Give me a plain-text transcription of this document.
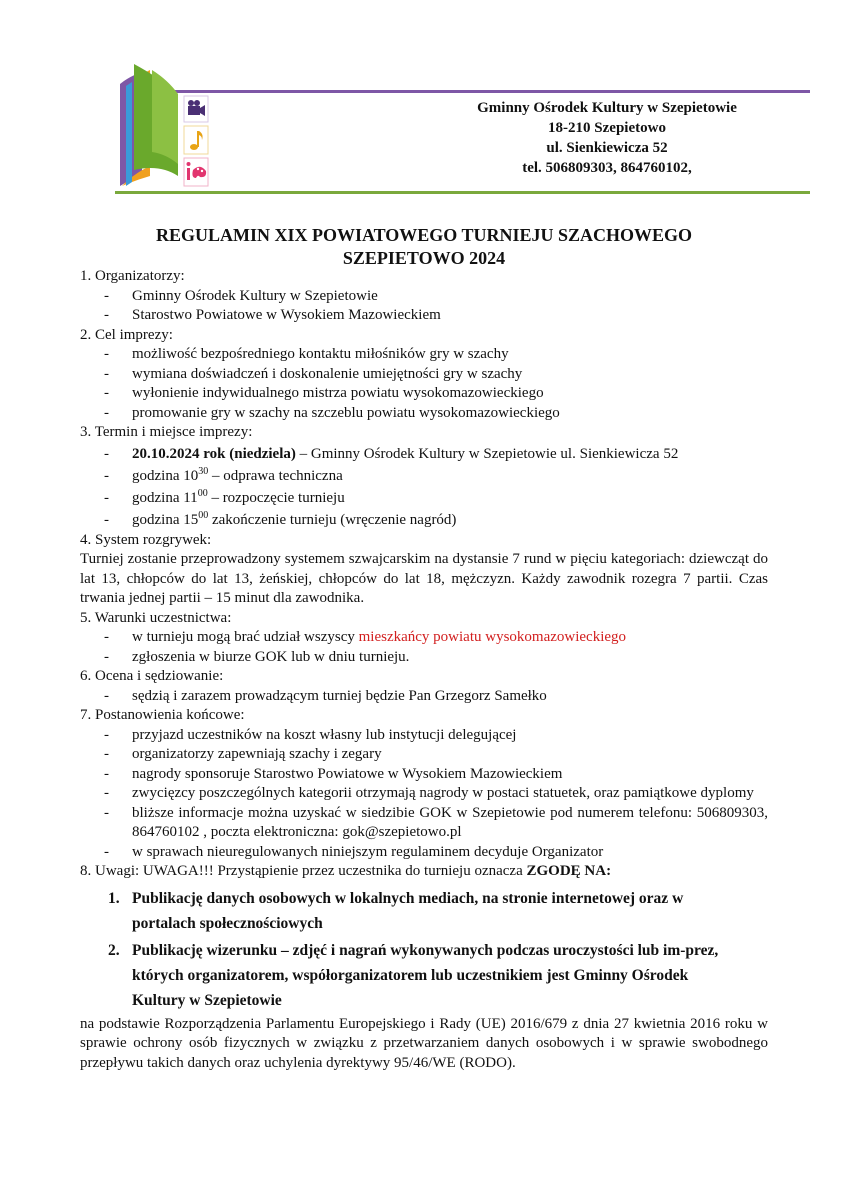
Gminny Ośrodek Kultury w Szepietowie
18-210 Szepietowo
ul. Sienkiewicza 52
tel. 506809303, 864760102,
REGULAMIN XIX POWIATOWEGO TURNIEJU SZACHOWEGO
SZEPIETOWO 2024

1. Organizatorzy:

- Gminny Ośrodek Kultury w Szepietowie
- Starostwo Powiatowe w Wysokiem Mazowieckiem

2. Cel imprezy:

- możliwość bezpośredniego kontaktu miłośników gry w szachy
- wymiana doświadczeń i doskonalenie umiejętności gry w szachy
- wyłonienie indywidualnego mistrza powiatu wysokomazowieckiego
- promowanie gry w szachy na szczeblu powiatu wysokomazowieckiego

3. Termin i miejsce imprezy:

- 20.10.2024 rok (niedziela) – Gminny Ośrodek Kultury w Szepietowie ul. Sienkiewicza 52
- godzina $10^{30}$ – odprawa techniczna
- godzina $11^{00}$ – rozpoczęcie turnieju
- godzina $15^{00}$ zakończenie turnieju (wręczenie nagród)

4. System rozgrywek:

Turniej zostanie przeprowadzony systemem szwajcarskim na dystansie 7 rund w pięciu kategoriach: dziewcząt do lat 13, chłopców do lat 13, żeńskiej, chłopców do lat 18, mężczyzn. Każdy zawodnik rozegra 7 partii. Czas trwania jednej partii – 15 minut dla zawodnika.

5. Warunki uczestnictwa:

- w turnieju mogą brać udział wszyscy mieszkańcy powiatu wysokomazowieckiego
- zgłoszenia w biurze GOK lub w dniu turnieju.

6. Ocena i sędziowanie:

- sędzią i zarazem prowadzącym turniej będzie Pan Grzegorz Samełko

7. Postanowienia końcowe:

- przyjazd uczestników na koszt własny lub instytucji delegującej
- organizatorzy zapewniają szachy i zegary
- nagrody sponsoruje Starostwo Powiatowe w Wysokiem Mazowieckiem
- zwycięzcy poszczególnych kategorii otrzymają nagrody w postaci statuetek, oraz pamiątkowe dyplomy
- bliższe informacje można uzyskać w siedzibie GOK w Szepietowie pod numerem telefonu: 506809303, 864760102 , poczta elektroniczna: gok@szepietowo.pl
- w sprawach nieuregulowanych niniejszym regulaminem decyduje Organizator

8. Uwagi: UWAGA!!! Przystąpienie przez uczestnika do turnieju oznacza ZGODĘ NA:

1. Publikację danych osobowych w lokalnych mediach, na stronie internetowej oraz w portalach społecznościowych
2. Publikację wizerunku – zdjęć i nagrań wykonywanych podczas uroczystości lub im-prez, których organizatorem, współorganizatorem lub uczestnikiem jest Gminny Ośrodek Kultury w Szepietowie

na podstawie Rozporządzenia Parlamentu Europejskiego i Rady (UE) 2016/679 z dnia 27 kwietnia 2016 roku w sprawie ochrony osób fizycznych w związku z przetwarzaniem danych osobowych i w sprawie swobodnego przepływu takich danych oraz uchylenia dyrektywy 95/46/WE (RODO).
